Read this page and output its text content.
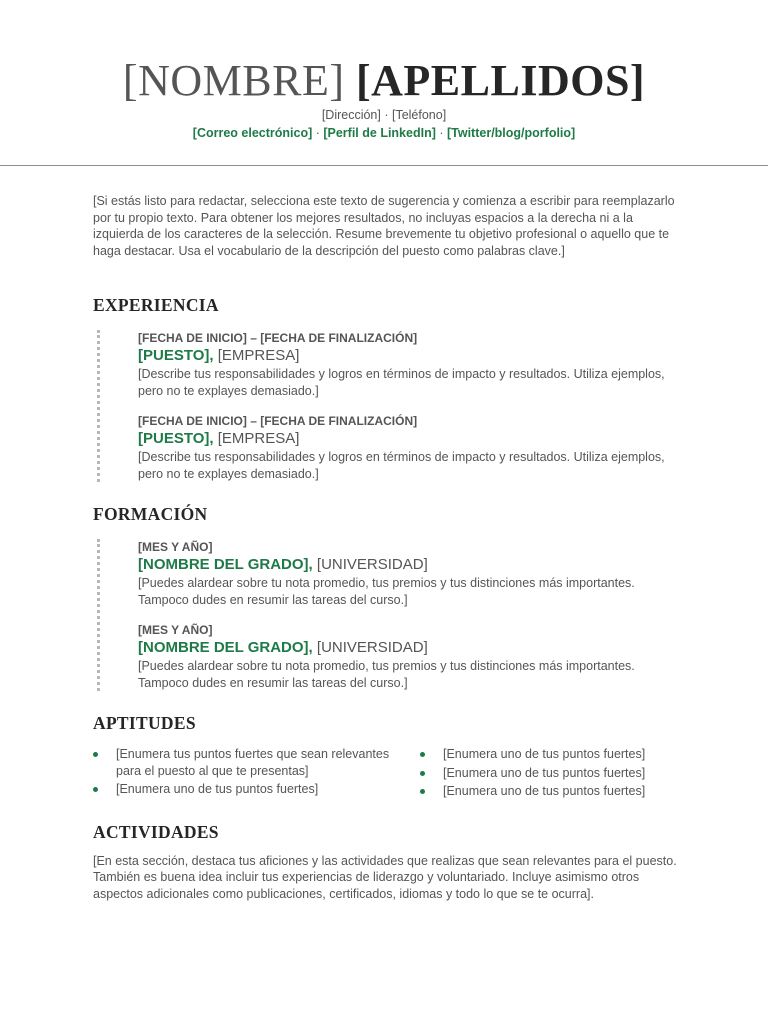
[NOMBRE] [APELLIDOS]
[Dirección] · [Teléfono]
[Correo electrónico] · [Perfil de LinkedIn] · [Twitter/blog/porfolio]

[Si estás listo para redactar, selecciona este texto de sugerencia y comienza a escribir para reemplazarlo por tu propio texto. Para obtener los mejores resultados, no incluyas espacios a la derecha ni a la izquierda de los caracteres de la selección. Resume brevemente tu objetivo profesional o aquello que te haga destacar. Usa el vocabulario de la descripción del puesto como palabras clave.]

EXPERIENCIA
[FECHA DE INICIO] – [FECHA DE FINALIZACIÓN]
[PUESTO], [EMPRESA]
[Describe tus responsabilidades y logros en términos de impacto y resultados. Utiliza ejemplos, pero no te explayes demasiado.]
[FECHA DE INICIO] – [FECHA DE FINALIZACIÓN]
[PUESTO], [EMPRESA]
[Describe tus responsabilidades y logros en términos de impacto y resultados. Utiliza ejemplos, pero no te explayes demasiado.]
FORMACIÓN
[MES Y AÑO]
[NOMBRE DEL GRADO], [UNIVERSIDAD]
[Puedes alardear sobre tu nota promedio, tus premios y tus distinciones más importantes. Tampoco dudes en resumir las tareas del curso.]
[MES Y AÑO]
[NOMBRE DEL GRADO], [UNIVERSIDAD]
[Puedes alardear sobre tu nota promedio, tus premios y tus distinciones más importantes. Tampoco dudes en resumir las tareas del curso.]
APTITUDES
[Enumera tus puntos fuertes que sean relevantes para el puesto al que te presentas]
[Enumera uno de tus puntos fuertes]
[Enumera uno de tus puntos fuertes]
[Enumera uno de tus puntos fuertes]
[Enumera uno de tus puntos fuertes]
ACTIVIDADES

[En esta sección, destaca tus aficiones y las actividades que realizas que sean relevantes para el puesto. También es buena idea incluir tus experiencias de liderazgo y voluntariado. Incluye asimismo otros aspectos adicionales como publicaciones, certificados, idiomas y todo lo que se te ocurra].
